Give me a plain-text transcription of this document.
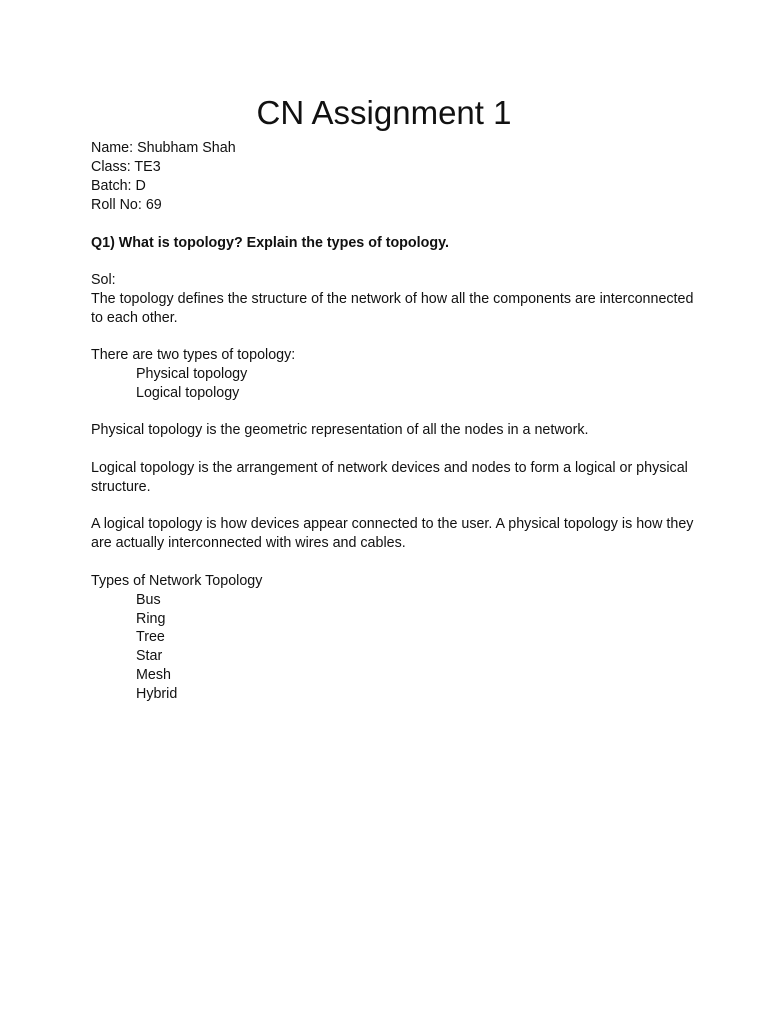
CN Assignment 1

Name: Shubham Shah

Class: TE3

Batch: D

Roll No: 69

Q1) What is topology? Explain the types of topology.

Sol:

The topology defines the structure of the network of how all the components are interconnected

to each other.

There are two types of topology:

Physical topology

Logical topology

Physical topology is the geometric representation of all the nodes in a network.

Logical topology is the arrangement of network devices and nodes to form a logical or physical

structure.

A logical topology is how devices appear connected to the user. A physical topology is how they

are actually interconnected with wires and cables.

Types of Network Topology

Bus

Ring

Tree

Star

Mesh

Hybrid
